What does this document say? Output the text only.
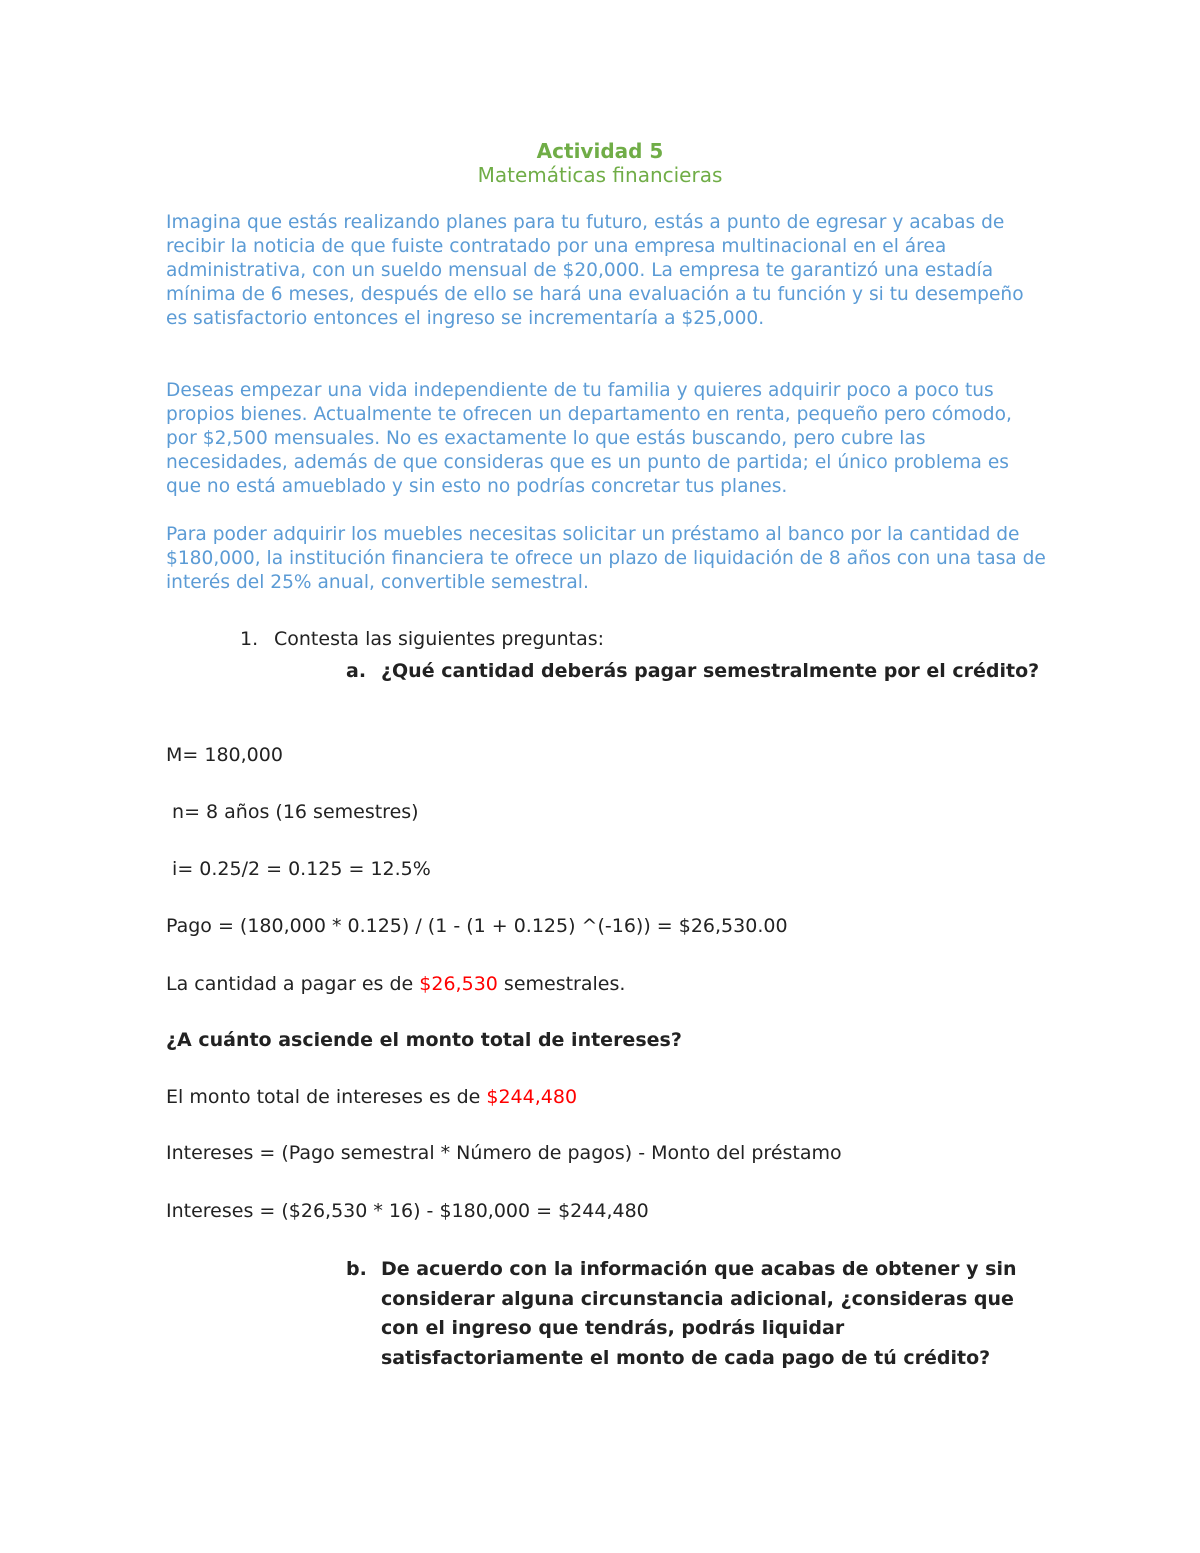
Actividad 5
Matemáticas financieras

Imagina que estás realizando planes para tu futuro, estás a punto de egresar y acabas de recibir la noticia de que fuiste contratado por una empresa multinacional en el área administrativa, con un sueldo mensual de $20,000. La empresa te garantizó una estadía mínima de 6 meses, después de ello se hará una evaluación a tu función y si tu desempeño es satisfactorio entonces el ingreso se incrementaría a $25,000.

Deseas empezar una vida independiente de tu familia y quieres adquirir poco a poco tus propios bienes. Actualmente te ofrecen un departamento en renta, pequeño pero cómodo, por $2,500 mensuales. No es exactamente lo que estás buscando, pero cubre las necesidades, además de que consideras que es un punto de partida; el único problema es que no está amueblado y sin esto no podrías concretar tus planes.

Para poder adquirir los muebles necesitas solicitar un préstamo al banco por la cantidad de $180,000, la institución financiera te ofrece un plazo de liquidación de 8 años con una tasa de interés del 25% anual, convertible semestral.

1. Contesta las siguientes preguntas:

a. ¿Qué cantidad deberás pagar semestralmente por el crédito?

M= 180,000

n= 8 años (16 semestres)

i= 0.25/2 = 0.125 = 12.5%

Pago = (180,000 * 0.125) / (1 - (1 + 0.125) ^(-16)) = $26,530.00

La cantidad a pagar es de $26,530 semestrales.

¿A cuánto asciende el monto total de intereses?

El monto total de intereses es de $244,480

Intereses = (Pago semestral * Número de pagos) - Monto del préstamo

Intereses = ($26,530 * 16) - $180,000 = $244,480

b. De acuerdo con la información que acabas de obtener y sin considerar alguna circunstancia adicional, ¿consideras que con el ingreso que tendrás, podrás liquidar satisfactoriamente el monto de cada pago de tú crédito?
